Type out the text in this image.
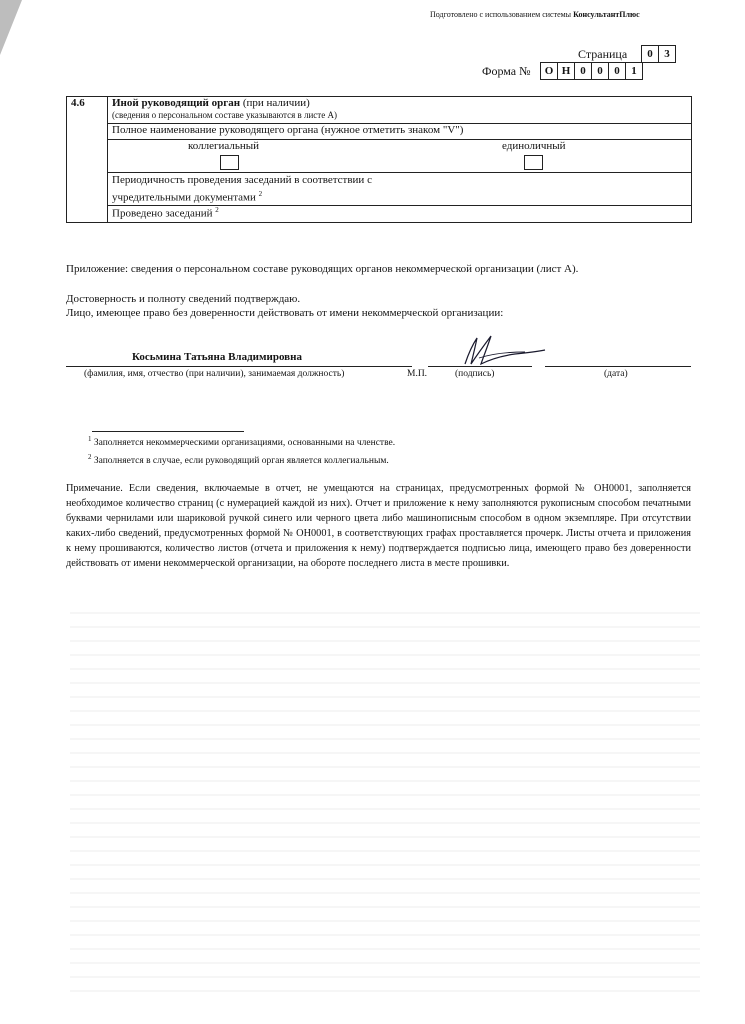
Подготовлено с использованием системы КонсультантПлюс
Страница	0	3
Форма №	О Н 0	0	0	1
4.6	Иной руководящий орган (при наличии)
(сведения о персональном составе указываются в листе А)
Полное наименование руководящего органа (нужное отметить знаком "V")

коллегиальный	единоличный

Периодичность проведения заседаний в соответствии с
учредительными документами $^2$
Проведено заседаний $^2$
Приложение: сведения о персональном составе руководящих органов некоммерческой организации (лист А).
Достоверность и полноту сведений подтверждаю.
Лицо, имеющее право без доверенности действовать от имени некоммерческой организации:
Косьмина Татьяна Владимировна
(фамилия, имя, отчество (при наличии), занимаемая должность)	М.П.	(подпись)	(дата)
$^1$ Заполняется некоммерческими организациями, основанными на членстве.
$^2$ Заполняется в случае, если руководящий орган является коллегиальным.
Примечание. Если сведения, включаемые в отчет, не умещаются на страницах, предусмотренных формой № ОН0001, заполняется необходимое количество страниц (с нумерацией каждой из них). Отчет и приложение к нему заполняются рукописным способом печатными буквами чернилами или шариковой ручкой синего или черного цвета либо машинописным способом в одном экземпляре. При отсутствии каких-либо сведений, предусмотренных формой № ОН0001, в соответствующих графах проставляется прочерк. Листы отчета и приложения к нему прошиваются, количество листов (отчета и приложения к нему) подтверждается подписью лица, имеющего право без доверенности действовать от имени некоммерческой организации, на обороте последнего листа в месте прошивки.
